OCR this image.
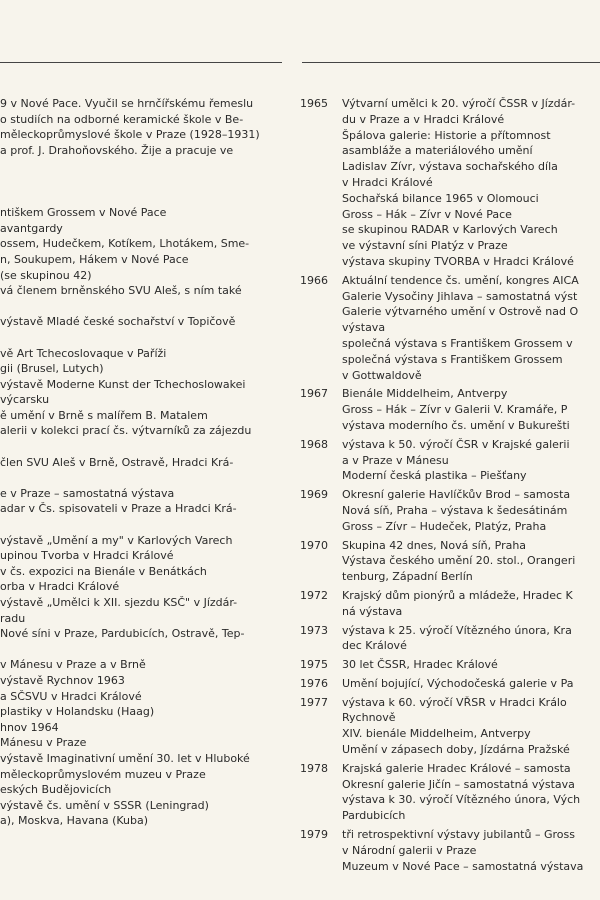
9 v Nové Pace. Vyučil se hrnčířskému řemeslu
o studiích na odborné keramické škole v Be-
měleckoprůmyslové škole v Praze (1928–1931)
a prof. J. Drahoňovského. Žije a pracuje ve
ntiškem Grossem v Nové Pace
avantgardy
ossem, Hudečkem, Kotíkem, Lhotákem, Sme-
n, Soukupem, Hákem v Nové Pace
(se skupinou 42)
vá členem brněnského SVU Aleš, s ním také
výstavě Mladé české sochařství v Topičově
vě Art Tchecoslovaque v Paříži
gii (Brusel, Lutych)
výstavě Moderne Kunst der Tchechoslowakei
výcarsku
ě umění v Brně s malířem B. Matalem
alerii v kolekci prací čs. výtvarníků za zájezdu
člen SVU Aleš v Brně, Ostravě, Hradci Krá-
e v Praze – samostatná výstava
adar v Čs. spisovateli v Praze a Hradci Krá-
výstavě „Umění a my" v Karlových Varech
upinou Tvorba v Hradci Králové
v čs. expozici na Bienále v Benátkách
orba v Hradci Králové
výstavě „Umělci k XII. sjezdu KSČ" v Jízdár-
radu
Nové síni v Praze, Pardubicích, Ostravě, Tep-
v Mánesu v Praze a v Brně
výstavě Rychnov 1963
a SČSVU v Hradci Králové
plastiky v Holandsku (Haag)
hnov 1964
Mánesu v Praze
výstavě Imaginativní umění 30. let v Hluboké
měleckoprůmyslovém muzeu v Praze
eských Budějovicích
výstavě čs. umění v SSSR (Leningrad)
a), Moskva, Havana (Kuba)
1965	Výtvarní umělci k 20. výročí ČSSR v Jízdár-
du v Praze a v Hradci Králové
Špálova galerie: Historie a přítomnost
asambláže a materiálového umění
Ladislav Zívr, výstava sochařského díla
v Hradci Králové
Sochařská bilance 1965 v Olomouci
Gross – Hák – Zívr v Nové Pace
se skupinou RADAR v Karlových Varech
ve výstavní síni Platýz v Praze
výstava skupiny TVORBA v Hradci Králové
1966	Aktuální tendence čs. umění, kongres AICA
Galerie Vysočiny Jihlava – samostatná výst
Galerie výtvarného umění v Ostrově nad O
výstava
společná výstava s Františkem Grossem v
společná výstava s Františkem Grossem
v Gottwaldově
1967	Bienále Middelheim, Antverpy
Gross – Hák – Zívr v Galerii V. Kramáře, P
výstava moderního čs. umění v Bukurešti
1968	výstava k 50. výročí ČSR v Krajské galerii
a v Praze v Mánesu
Moderní česká plastika – Piešťany
1969	Okresní galerie Havlíčkův Brod – samosta
Nová síň, Praha – výstava k šedesátinám
Gross – Zívr – Hudeček, Platýz, Praha
1970	Skupina 42 dnes, Nová síň, Praha
Výstava českého umění 20. stol., Orangeri
tenburg, Západní Berlín
1972	Krajský dům pionýrů a mládeže, Hradec K
ná výstava
1973	výstava k 25. výročí Vítězného února, Kra
dec Králové
1975	30 let ČSSR, Hradec Králové
1976	Umění bojující, Východočeská galerie v Pa
1977	výstava k 60. výročí VŘSR v Hradci Králo
Rychnově
XIV. bienále Middelheim, Antverpy
Umění v zápasech doby, Jízdárna Pražské
1978	Krajská galerie Hradec Králové – samosta
Okresní galerie Jičín – samostatná výstava
výstava k 30. výročí Vítězného února, Vých
Pardubicích
1979	tři retrospektivní výstavy jubilantů – Gross
v Národní galerii v Praze
Muzeum v Nové Pace – samostatná výstava
